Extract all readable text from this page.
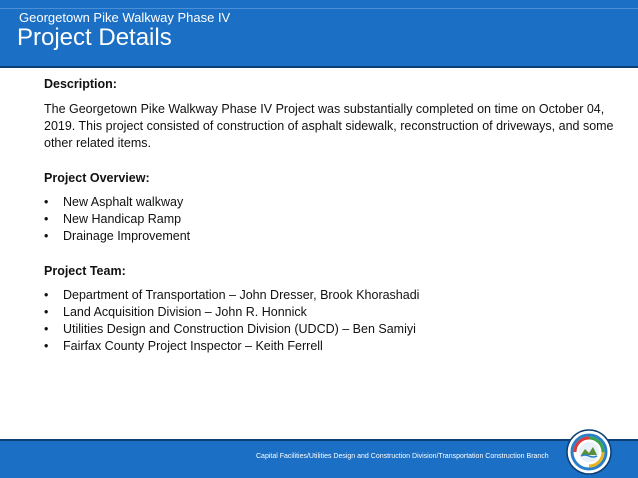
Georgetown Pike Walkway Phase IV
Project Details

Description:

The Georgetown Pike Walkway Phase IV Project was substantially completed on time on October 04, 2019. This project consisted of construction of asphalt sidewalk, reconstruction of driveways, and some other related items.

Project Overview:

• New Asphalt walkway
• New Handicap Ramp
• Drainage Improvement

Project Team:

• Department of Transportation – John Dresser, Brook Khorashadi
• Land Acquisition Division – John R. Honnick
• Utilities Design and Construction Division (UDCD) – Ben Samiyi
• Fairfax County Project Inspector – Keith Ferrell
Capital Facilities/Utilities Design and Construction Division/Transportation Construction Branch
